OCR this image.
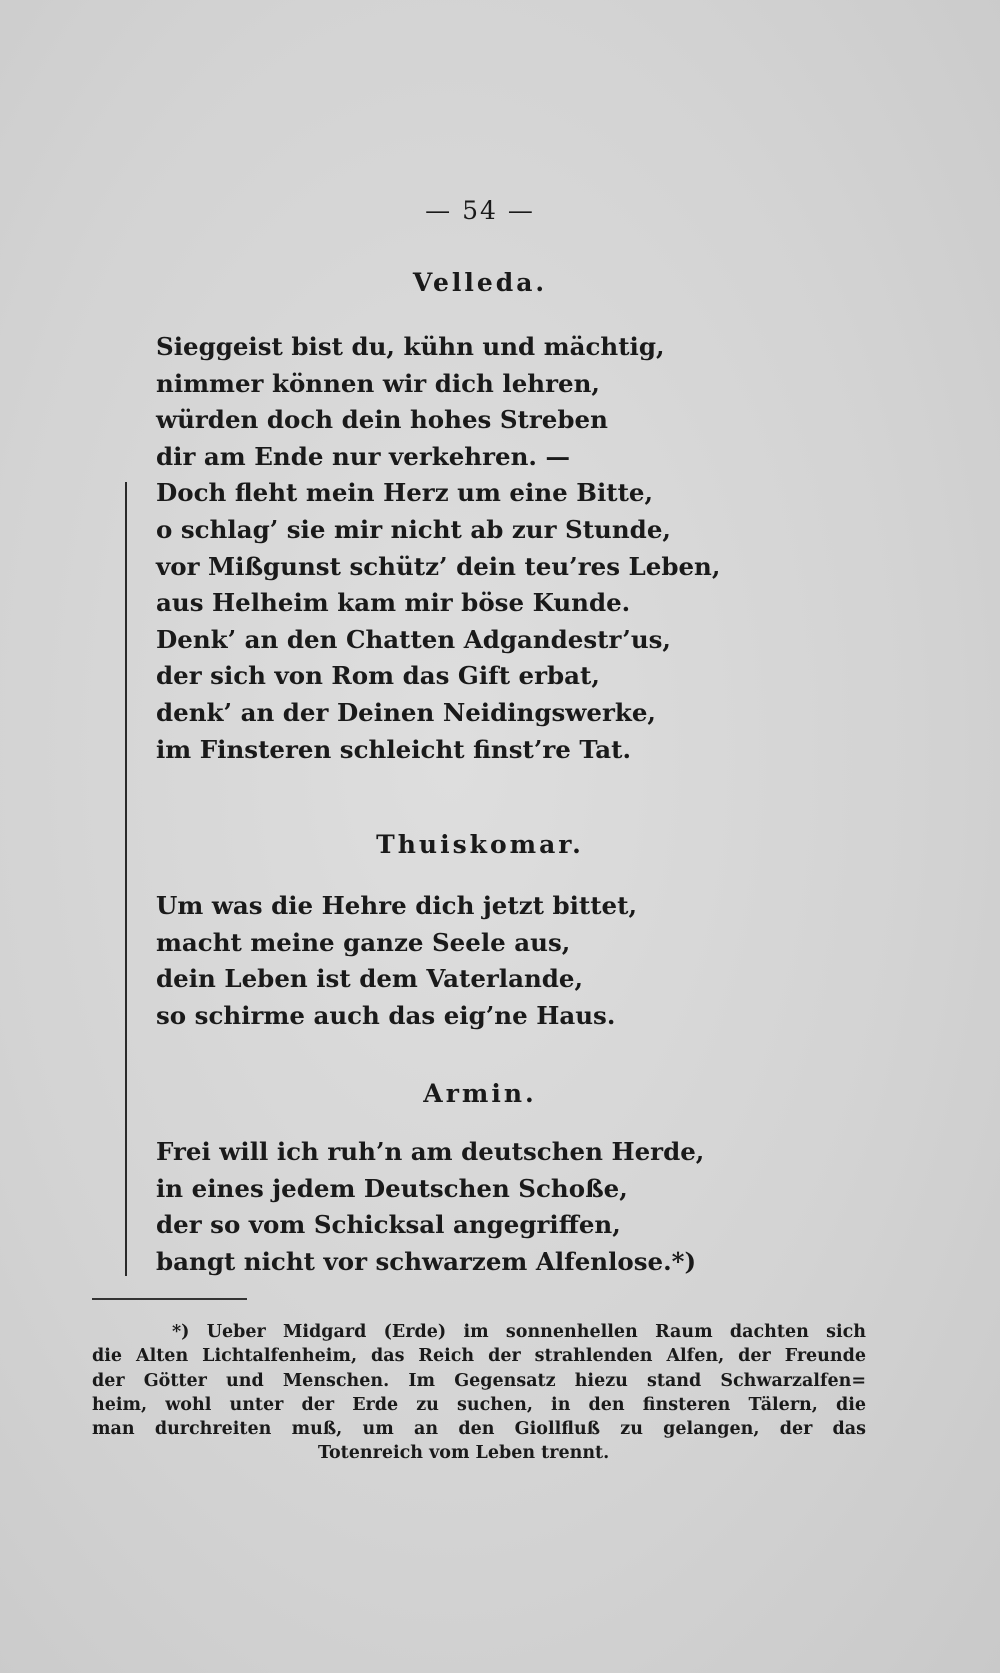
— 54 —
Velleda.
Sieggeist bist du, kühn und mächtig,
nimmer können wir dich lehren,
würden doch dein hohes Streben
dir am Ende nur verkehren. —
Doch fleht mein Herz um eine Bitte,
o schlag’ sie mir nicht ab zur Stunde,
vor Mißgunst schütz’ dein teu’res Leben,
aus Helheim kam mir böse Kunde.
Denk’ an den Chatten Adgandestr’us,
der sich von Rom das Gift erbat,
denk’ an der Deinen Neidingswerke,
im Finsteren schleicht finst’re Tat.
Thuiskomar.
Um was die Hehre dich jetzt bittet,
macht meine ganze Seele aus,
dein Leben ist dem Vaterlande,
so schirme auch das eig’ne Haus.
Armin.
Frei will ich ruh’n am deutschen Herde,
in eines jedem Deutschen Schoße,
der so vom Schicksal angegriffen,
bangt nicht vor schwarzem Alfenlose.*)
*) Ueber Midgard (Erde) im sonnenhellen Raum dachten sich
die Alten Lichtalfenheim, das Reich der strahlenden Alfen, der Freunde
der Götter und Menschen. Im Gegensatz hiezu stand Schwarzalfen=
heim, wohl unter der Erde zu suchen, in den finsteren Tälern, die
man durchreiten muß, um an den Giollfluß zu gelangen, der das
Totenreich vom Leben trennt.
